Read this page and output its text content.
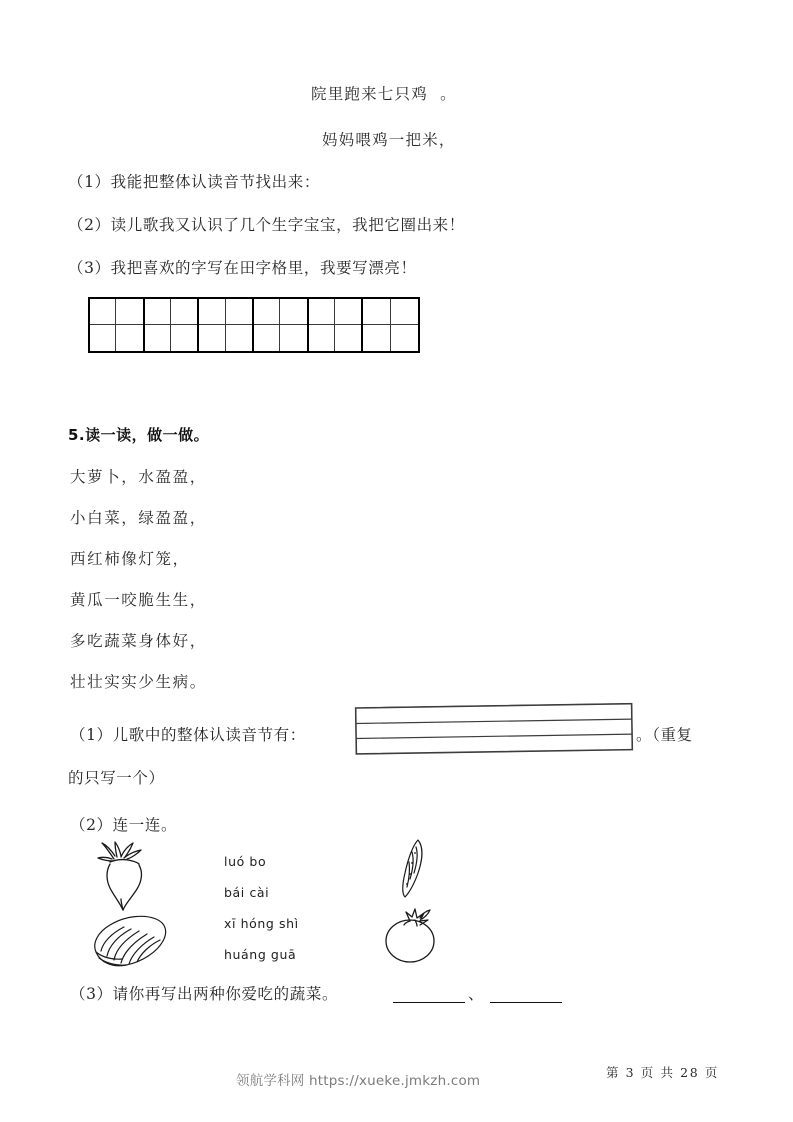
院里跑来七只鸡  。
妈妈喂鸡一把米，
（1）我能把整体认读音节找出来：
（2）读儿歌我又认识了几个生字宝宝，我把它圈出来！
（3）我把喜欢的字写在田字格里，我要写漂亮！
5.读一读，做一做。
大萝卜，水盈盈，
小白菜，绿盈盈，
西红柿像灯笼，
黄瓜一咬脆生生，
多吃蔬菜身体好，
壮壮实实少生病。
（1）儿歌中的整体认读音节有：	。（重复
的只写一个）
（2）连一连。
luó bo
bái cài
xī hóng shì
huáng guā
（3）请你再写出两种你爱吃的蔬菜。	、
领航学科网 https://xueke.jmkzh.com
第 3 页 共 28 页
